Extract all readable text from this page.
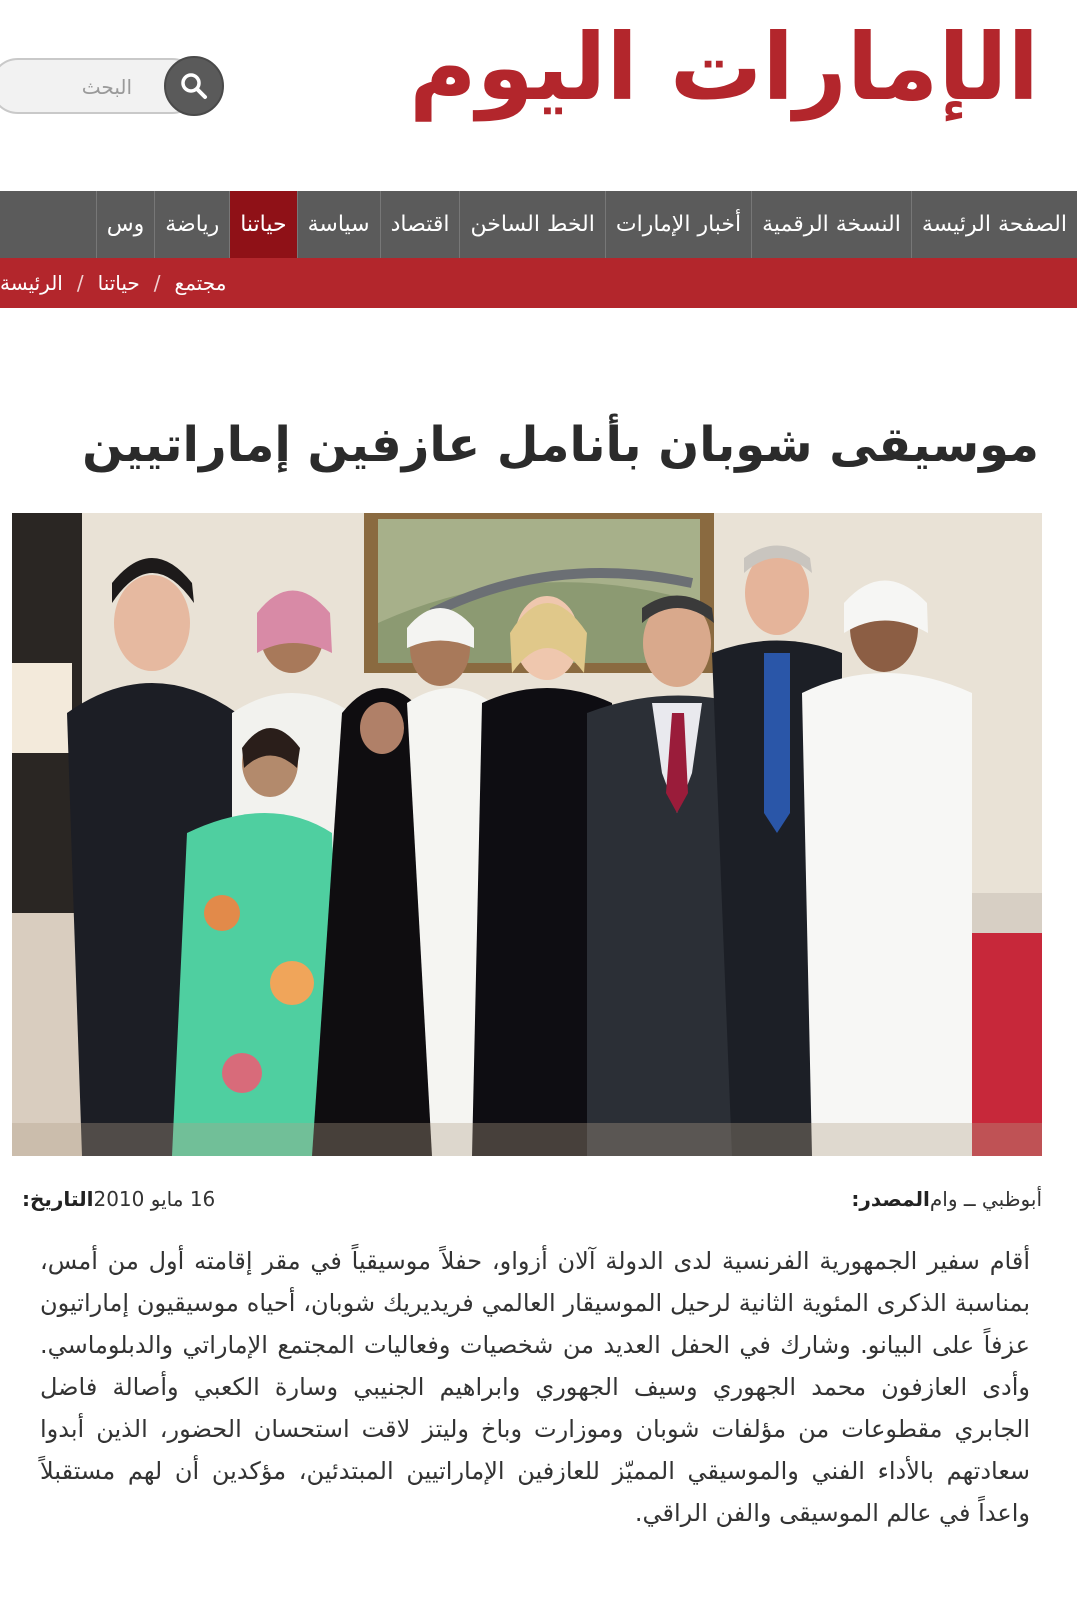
الإمارات اليوم
البحث
الصفحة الرئيسة
النسخة الرقمية
أخبار الإمارات
الخط الساخن
اقتصاد
سياسة
حياتنا
رياضة
وس
الرئيسة / حياتنا / مجتمع
موسيقى شوبان بأنامل عازفين إماراتيين
التاريخ: 16 مايو 2010	المصدر: أبوظبي ــ وام

أقام سفير الجمهورية الفرنسية لدى الدولة آلان أزواو، حفلاً موسيقياً في مقر إقامته أول من أمس، بمناسبة الذكرى المئوية الثانية لرحيل الموسيقار العالمي فريديريك شوبان، أحياه موسيقيون إماراتيون عزفاً على البيانو. وشارك في الحفل العديد من شخصيات وفعاليات المجتمع الإماراتي والدبلوماسي. وأدى العازفون محمد الجهوري وسيف الجهوري وابراهيم الجنيبي وسارة الكعبي وأصالة فاضل الجابري مقطوعات من مؤلفات شوبان وموزارت وباخ وليتز لاقت استحسان الحضور، الذين أبدوا سعادتهم بالأداء الفني والموسيقي المميّز للعازفين الإماراتيين المبتدئين، مؤكدين أن لهم مستقبلاً واعداً في عالم الموسيقى والفن الراقي.
